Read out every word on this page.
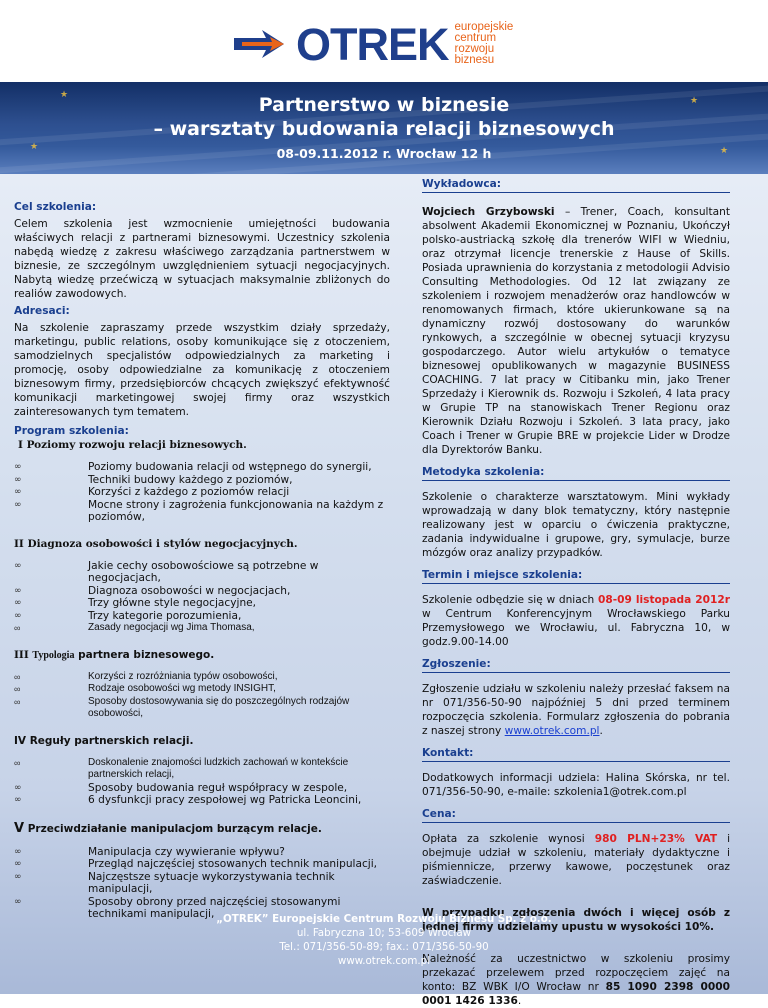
OTREK europejskie
centrum
rozwoju
biznesu
★
★
★	★
Partnerstwo w biznesie
– warsztaty budowania relacji biznesowych
08-09.11.2012 r. Wrocław 12 h
Cel szkolenia:

Celem szkolenia jest wzmocnienie umiejętności budowania właściwych relacji z partnerami biznesowymi. Uczestnicy szkolenia nabędą wiedzę z zakresu właściwego zarządzania partnerstwem w biznesie, ze szczególnym uwzględnieniem sytuacji negocjacyjnych. Nabytą wiedzę przećwiczą w sytuacjach maksymalnie zbliżonych do realiów zawodowych.

Adresaci:

Na szkolenie zapraszamy przede wszystkim działy sprzedaży, marketingu, public relations, osoby komunikujące się z otoczeniem, samodzielnych specjalistów odpowiedzialnych za marketing i promocję, osoby odpowiedzialne za komunikację z otoczeniem biznesowym firmy, przedsiębiorców chcących zwiększyć efektywność komunikacji marketingowej swojej firmy oraz wszystkich zainteresowanych tym tematem.

Program szkolenia:
I Poziomy rozwoju relacji biznesowych.
∞ Poziomy budowania relacji od wstępnego do synergii,
∞ Techniki budowy każdego z poziomów,
∞ Korzyści z każdego z poziomów relacji
∞ Mocne strony i zagrożenia funkcjonowania na każdym z poziomów,
II Diagnoza osobowości i stylów negocjacyjnych.
∞ Jakie cechy osobowościowe są potrzebne w negocjacjach,
∞ Diagnoza osobowości w negocjacjach,
∞ Trzy główne style negocjacyjne,
∞ Trzy kategorie porozumienia,
∞ Zasady negocjacji wg Jima Thomasa,
III Typologia partnera biznesowego.
∞ Korzyści z rozróżniania typów osobowości,
∞ Rodzaje osobowości wg metody INSIGHT,
∞ Sposoby dostosowywania się do poszczególnych rodzajów osobowości,
IV Reguły partnerskich relacji.
∞ Doskonalenie znajomości ludzkich zachowań w kontekście partnerskich relacji,
∞ Sposoby budowania reguł współpracy w zespole,
∞ 6 dysfunkcji pracy zespołowej wg Patricka Leoncini,
V Przeciwdziałanie manipulacjom burzącym relacje.
∞ Manipulacja czy wywieranie wpływu?
∞ Przegląd najczęściej stosowanych technik manipulacji,
∞ Najczęstsze sytuacje wykorzystywania technik manipulacji,
∞ Sposoby obrony przed najczęściej stosowanymi technikami manipulacji,
Wykładowca:

Wojciech Grzybowski – Trener, Coach, konsultant absolwent Akademii Ekonomicznej w Poznaniu, Ukończył polsko-austriacką szkołę dla trenerów WIFI w Wiedniu, oraz otrzymał licencje trenerskie z Hause of Skills. Posiada uprawnienia do korzystania z metodologii Advisio Consulting Methodologies. Od 12 lat związany ze szkoleniem i rozwojem menadżerów oraz handlowców w renomowanych firmach, które ukierunkowane są na dynamiczny rozwój dostosowany do warunków rynkowych, a szczególnie w obecnej sytuacji kryzysu gospodarczego. Autor wielu artykułów o tematyce biznesowej opublikowanych w magazynie BUSINESS COACHING. 7 lat pracy w Citibanku min, jako Trener Sprzedaży i Kierownik ds. Rozwoju i Szkoleń, 4 lata pracy w Grupie TP na stanowiskach Trener Regionu oraz Kierownik Działu Rozwoju i Szkoleń. 3 lata pracy, jako Coach i Trener w Grupie BRE w projekcie Lider w Drodze dla Dyrektorów Banku.

Metodyka szkolenia:

Szkolenie o charakterze warsztatowym. Mini wykłady wprowadzają w dany blok tematyczny, który następnie realizowany jest w oparciu o ćwiczenia praktyczne, zadania indywidualne i grupowe, gry, symulacje, burze mózgów oraz analizy przypadków.

Termin i miejsce szkolenia:

Szkolenie odbędzie się w dniach 08-09 listopada 2012r w Centrum Konferencyjnym Wrocławskiego Parku Przemysłowego we Wrocławiu, ul. Fabryczna 10, w godz.9.00-14.00

Zgłoszenie:

Zgłoszenie udziału w szkoleniu należy przesłać faksem na nr 071/356-50-90 najpóźniej 5 dni przed terminem rozpoczęcia szkolenia. Formularz zgłoszenia do pobrania z naszej strony www.otrek.com.pl.

Kontakt:

Dodatkowych informacji udziela: Halina Skórska, nr tel. 071/356-50-90, e-maile: szkolenia1@otrek.com.pl

Cena:

Opłata za szkolenie wynosi 980 PLN+23% VAT i obejmuje udział w szkoleniu, materiały dydaktyczne i piśmiennicze, przerwy kawowe, poczęstunek oraz zaświadczenie.

W przypadku zgłoszenia dwóch i więcej osób z jednej firmy udzielamy upustu w wysokości 10%.

Należność za uczestnictwo w szkoleniu prosimy przekazać przelewem przed rozpoczęciem zajęć na konto: BZ WBK I/O Wrocław nr 85 1090 2398 0000 0001 1426 1336.

„OTREK” Europejskie Centrum Rozwoju Biznesu Sp. z o.o.
ul. Fabryczna 10; 53-609 Wrocław
Tel.: 071/356-50-89; fax.: 071/356-50-90
www.otrek.com.pl
